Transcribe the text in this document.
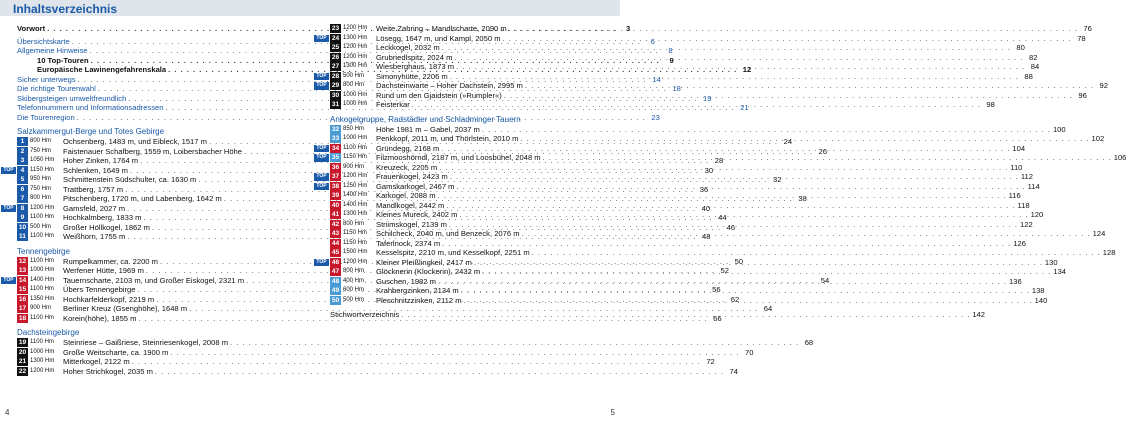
Inhaltsverzeichnis
Vorwort . . .	3
Übersichtskarte . . .	6
Allgemeine Hinweise . . .	8
10 Top-Touren . . .	9
Europäische Lawinengefahrenskala . . .	12
Sicher unterwegs . . .	14
Die richtige Tourenwahl . . .	18
Skibergsteigen umweltfreundlich . . .	19
Telefonnummern und Informationsadressen . . .	21
Die Tourenregion . . .	23
Salzkammergut-Berge und Totes Gebirge
1 800 Hm	Ochsenberg, 1483 m, und Eibleck, 1517 m . . .	24
2 750 Hm	Faistenauer Schafberg, 1559 m, Loibersbacher Höhe . . .	26
3 1050 Hm	Hoher Zinken, 1764 m . . .	28
TOP	4 1150 Hm	Schlenken, 1649 m . . .	30
5 950 Hm	Schmittenstein Südschulter, ca. 1630 m . . .	32
6 750 Hm	Trattberg, 1757 m . . .	36
7 800 Hm	Pitschenberg, 1720 m, und Labenberg, 1642 m . . .	38
TOP	8 1200 Hm	Gamsfeld, 2027 m . . .	40
9 1100 Hm	Hochkalmberg, 1833 m . . .	44
10 500 Hm	Großer Höllkogel, 1862 m . . .	46
11 1100 Hm	Weißhorn, 1755 m . . .	48
Tennengebirge
12 1100 Hm	Rumpelkammer, ca. 2200 m . . .	50
13 1000 Hm	Werfener Hütte, 1969 m . . .	52
TOP 14 1400 Hm	Tauernscharte, 2103 m, und Großer Eiskogel, 2321 m . . .	54
15 1100 Hm	Übers Tennengebirge . . .	56
16 1350 Hm	Hochkarfelderkopf, 2219 m . . .	62
17 900 Hm	Berliner Kreuz (Gsenghöhe), 1648 m . . .	64
18 1100 Hm	Korein(höhe), 1855 m . . .	66
Dachsteingebirge
19 1100 Hm	Steinriese – Gaißriese, Steinriesenkogel, 2008 m . . .	68
20 1000 Hm	Große Weitscharte, ca. 1900 m . . .	70
21 1300 Hm	Mitterkogel, 2122 m . . .	72
22 1200 Hm	Hoher Strichkogel, 2035 m . . .	74
4
23 1200 Hm	Weite Zahring – Mandlscharte, 2090 m . . .	76
TOP 24 1300 Hm	Lösegg, 1647 m, und Kampl, 2050 m . . .	78
25 1200 Hm	Leckkogel, 2032 m . . .	80
26 1200 Hm	Grubriedlspitz, 2024 m . . .	82
27 1300 Hm	Wiesberghaus, 1873 m . . .	84
TOP 28 500 Hm	Simonyhütte, 2206 m . . .	88
TOP 29 800 Hm	Dachsteinwarte – Hoher Dachstein, 2995 m . . .	92
30 1000 Hm	Rund um den Gjaidstein (»Rumpler«) . . .	96
31 1000 Hm	Feisterkar . . .	98
Ankogelgruppe, Radstädter und Schladminger Tauern
32 850 Hm	Höhe 1981 m – Gabel, 2037 m . . .	100
33 1000 Hm	Penkkopf, 2011 m, und Thörlstein, 2010 m . . .	102
TOP 34 1100 Hm	Gründegg, 2168 m . . .	104
TOP 35 1150 Hm	Filzmooshörndl, 2187 m, und Loosbühel, 2048 m . . .	106
36 900 Hm	Kreuzeck, 2205 m . . .	110
TOP 37 1200 Hm	Frauenkogel, 2423 m . . .	112
TOP 38 1250 Hm	Gamskarkogel, 2467 m . . .	114
39 1400 Hm	Karkogel, 2088 m . . .	116
40 1400 Hm	Mandlkogel, 2442 m . . .	118
41 1300 Hm	Kleines Mureck, 2402 m . . .	120
42 800 Hm	Striimskogel, 2139 m . . .	122
43 1150 Hm	Schilcheck, 2040 m, und Benzeck, 2076 m . . .	124
44 1150 Hm	Taferlnock, 2374 m . . .	126
45 1500 Hm	Kesselspitz, 2210 m, und Kesselkopf, 2251 m . . .	128
TOP 46 1200 Hm	Kleiner Pleißlingkeil, 2417 m . . .	130
47 800 Hm	Glöcknerin (Klockerin), 2432 m . . .	134
48 400 Hm	Guschen, 1982 m . . .	136
49 600 Hm	Krahbergzinken, 2134 m . . .	138
50 500 Hm	Pleschnitzzinken, 2112 m . . .	140
Stichwortverzeichnis . . .	142
5
